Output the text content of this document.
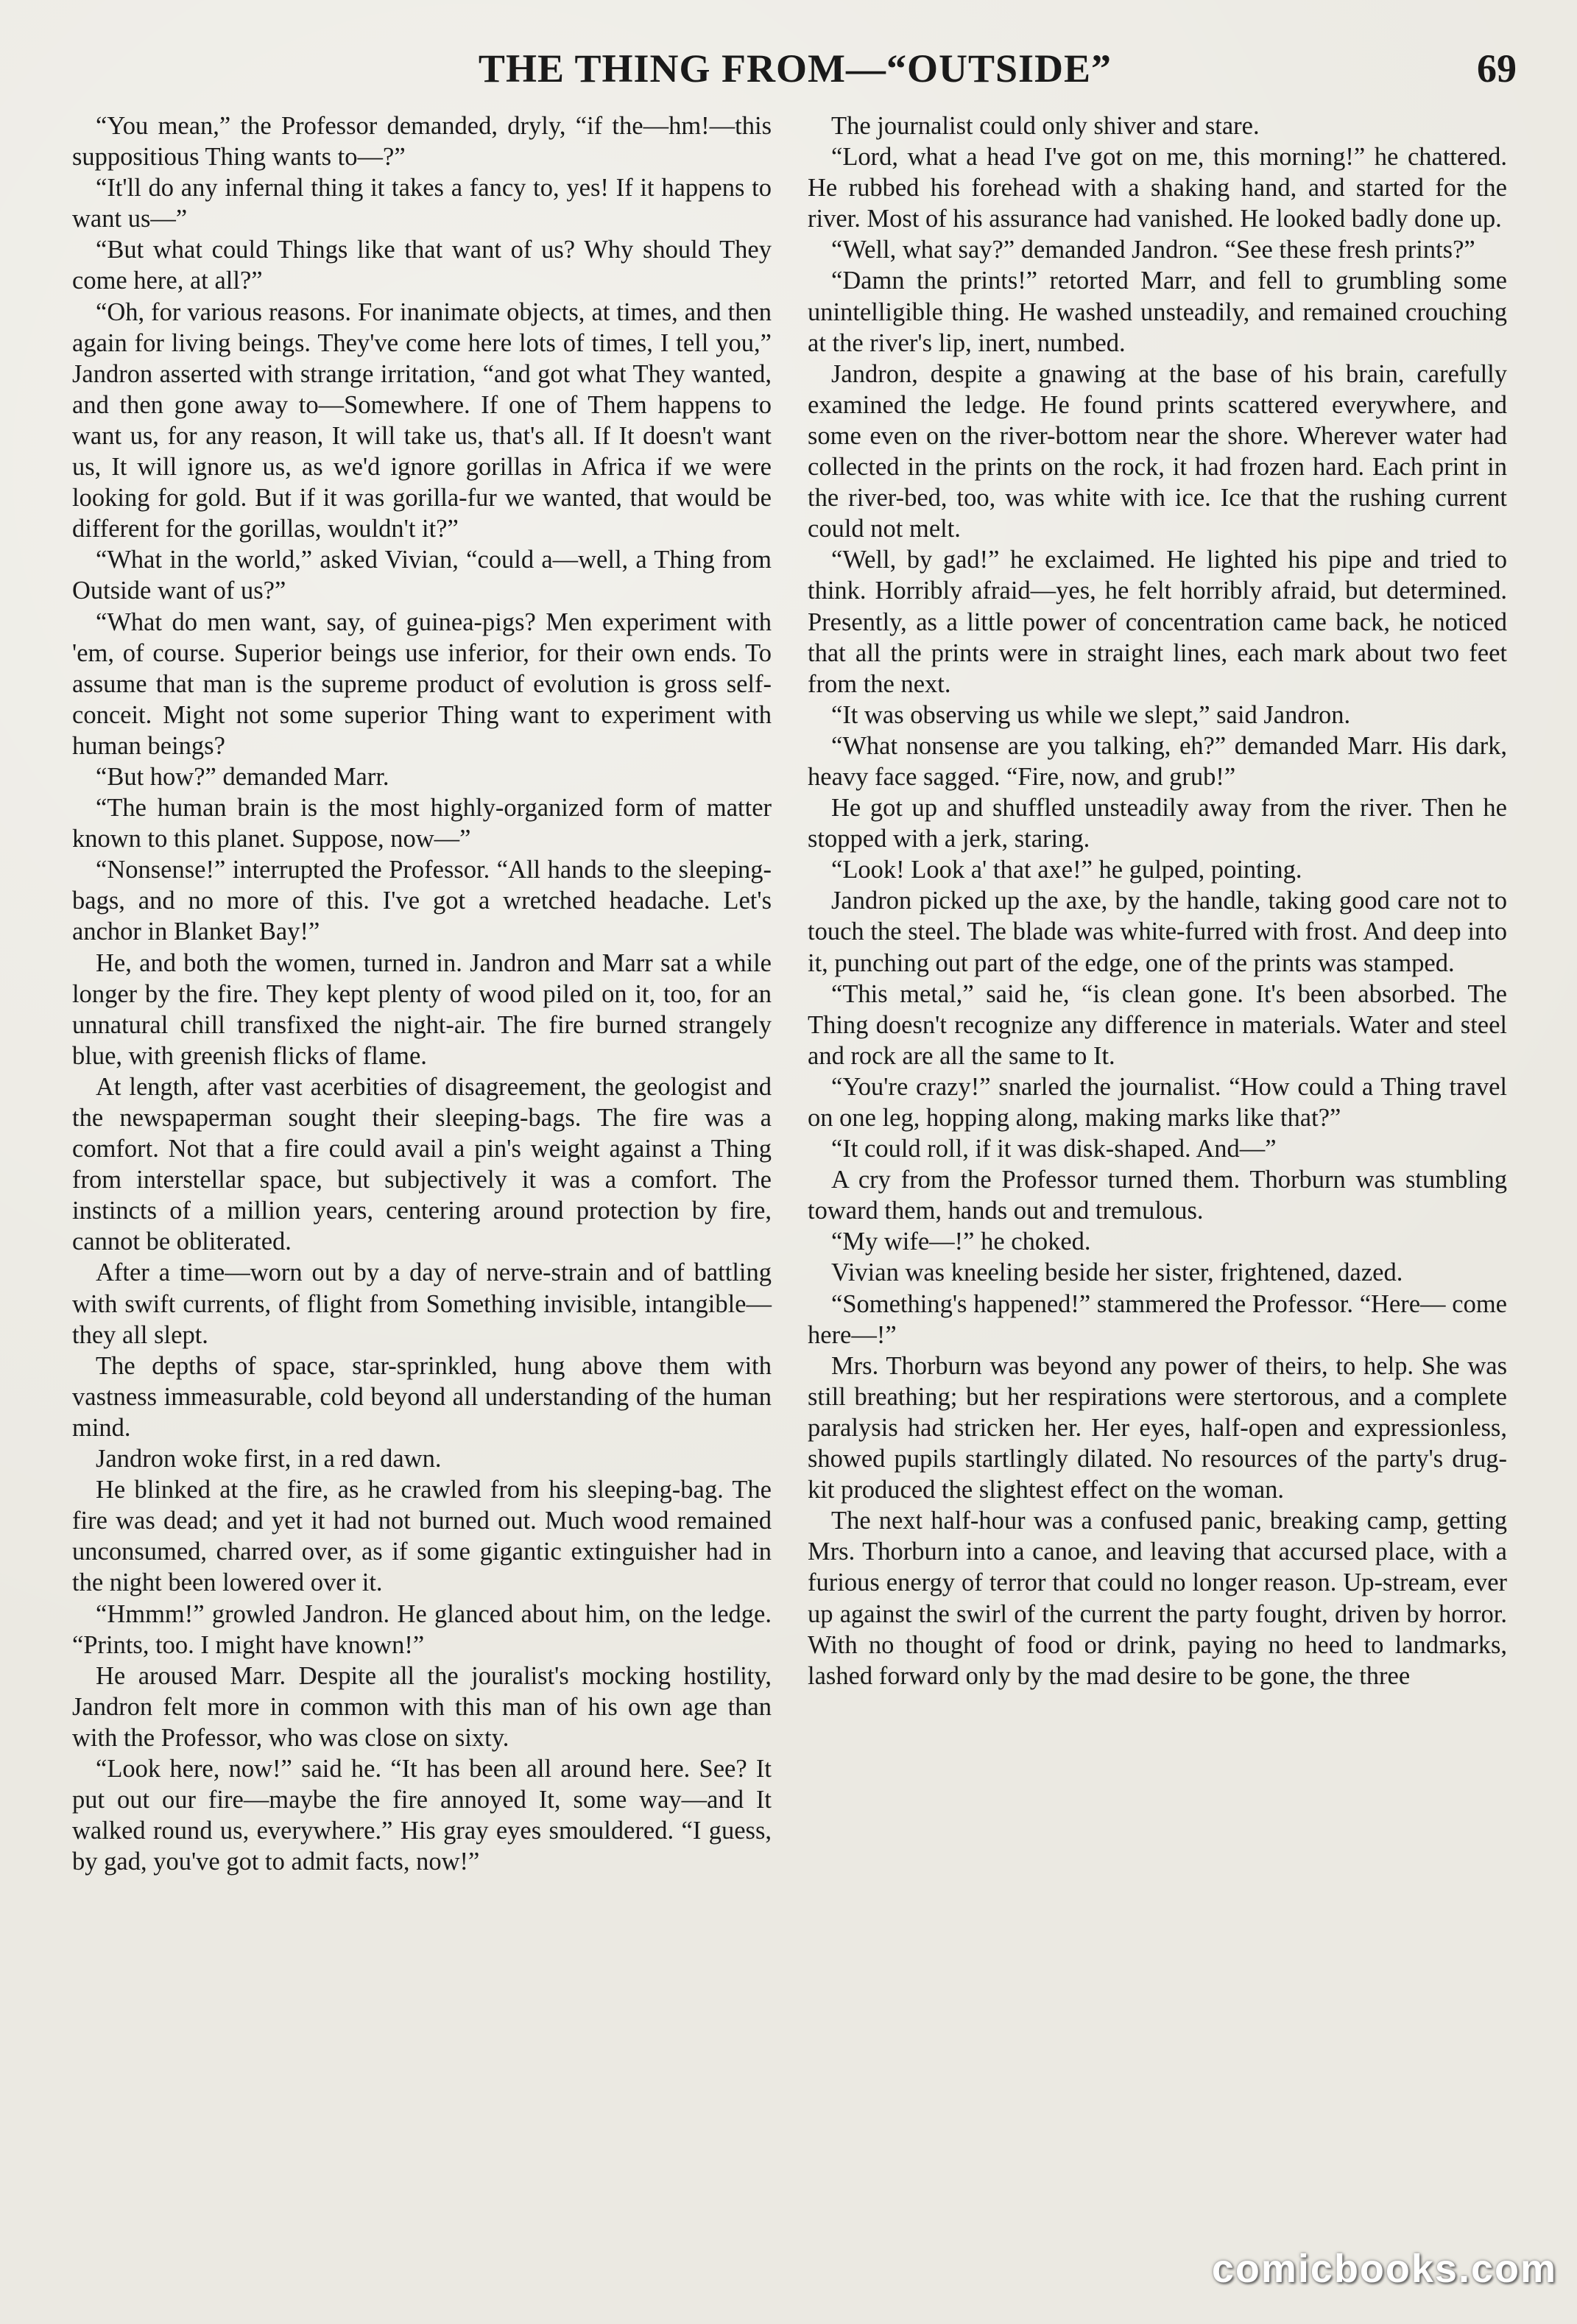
THE THING FROM—“OUTSIDE”	69

“You mean,” the Professor demanded, dryly, “if the—hm!—this suppositious Thing wants to—?”

“It'll do any infernal thing it takes a fancy to, yes! If it happens to want us—”

“But what could Things like that want of us? Why should They come here, at all?”

“Oh, for various reasons. For inanimate objects, at times, and then again for living beings. They've come here lots of times, I tell you,” Jandron asserted with strange irritation, “and got what They wanted, and then gone away to—Somewhere. If one of Them happens to want us, for any reason, It will take us, that's all. If It doesn't want us, It will ignore us, as we'd ignore gorillas in Africa if we were looking for gold. But if it was gorilla-fur we wanted, that would be different for the gorillas, wouldn't it?”

“What in the world,” asked Vivian, “could a—well, a Thing from Outside want of us?”

“What do men want, say, of guinea-pigs? Men experiment with 'em, of course. Superior beings use inferior, for their own ends. To assume that man is the supreme product of evolution is gross self-conceit. Might not some superior Thing want to experiment with human beings?

“But how?” demanded Marr.

“The human brain is the most highly-organized form of matter known to this planet. Suppose, now—”

“Nonsense!” interrupted the Professor. “All hands to the sleeping-bags, and no more of this. I've got a wretched headache. Let's anchor in Blanket Bay!”

He, and both the women, turned in. Jandron and Marr sat a while longer by the fire. They kept plenty of wood piled on it, too, for an unnatural chill transfixed the night-air. The fire burned strangely blue, with greenish flicks of flame.

At length, after vast acerbities of disagreement, the geologist and the newspaperman sought their sleeping-bags. The fire was a comfort. Not that a fire could avail a pin's weight against a Thing from interstellar space, but subjectively it was a comfort. The instincts of a million years, centering around protection by fire, cannot be obliterated.

After a time—worn out by a day of nerve-strain and of battling with swift currents, of flight from Something invisible, intangible—they all slept.

The depths of space, star-sprinkled, hung above them with vastness immeasurable, cold beyond all understanding of the human mind.

Jandron woke first, in a red dawn.

He blinked at the fire, as he crawled from his sleeping-bag. The fire was dead; and yet it had not burned out. Much wood remained unconsumed, charred over, as if some gigantic extinguisher had in the night been lowered over it.

“Hmmm!” growled Jandron. He glanced about him, on the ledge. “Prints, too. I might have known!”

He aroused Marr. Despite all the jouralist's mocking hostility, Jandron felt more in common with this man of his own age than with the Professor, who was close on sixty.

“Look here, now!” said he. “It has been all around here. See? It put out our fire—maybe the fire annoyed It, some way—and It walked round us, everywhere.” His gray eyes smouldered. “I guess, by gad, you've got to admit facts, now!”

The journalist could only shiver and stare.

“Lord, what a head I've got on me, this morning!” he chattered. He rubbed his forehead with a shaking hand, and started for the river. Most of his assurance had vanished. He looked badly done up.

“Well, what say?” demanded Jandron. “See these fresh prints?”

“Damn the prints!” retorted Marr, and fell to grumbling some unintelligible thing. He washed unsteadily, and remained crouching at the river's lip, inert, numbed.

Jandron, despite a gnawing at the base of his brain, carefully examined the ledge. He found prints scattered everywhere, and some even on the river-bottom near the shore. Wherever water had collected in the prints on the rock, it had frozen hard. Each print in the river-bed, too, was white with ice. Ice that the rushing current could not melt.

“Well, by gad!” he exclaimed. He lighted his pipe and tried to think. Horribly afraid—yes, he felt horribly afraid, but determined. Presently, as a little power of concentration came back, he noticed that all the prints were in straight lines, each mark about two feet from the next.

“It was observing us while we slept,” said Jandron.

“What nonsense are you talking, eh?” demanded Marr. His dark, heavy face sagged. “Fire, now, and grub!”

He got up and shuffled unsteadily away from the river. Then he stopped with a jerk, staring.

“Look! Look a' that axe!” he gulped, pointing.

Jandron picked up the axe, by the handle, taking good care not to touch the steel. The blade was white-furred with frost. And deep into it, punching out part of the edge, one of the prints was stamped.

“This metal,” said he, “is clean gone. It's been absorbed. The Thing doesn't recognize any difference in materials. Water and steel and rock are all the same to It.

“You're crazy!” snarled the journalist. “How could a Thing travel on one leg, hopping along, making marks like that?”

“It could roll, if it was disk-shaped. And—”

A cry from the Professor turned them. Thorburn was stumbling toward them, hands out and tremulous.

“My wife—!” he choked.

Vivian was kneeling beside her sister, frightened, dazed.

“Something's happened!” stammered the Professor. “Here— come here—!”

Mrs. Thorburn was beyond any power of theirs, to help. She was still breathing; but her respirations were stertorous, and a complete paralysis had stricken her. Her eyes, half-open and expressionless, showed pupils startlingly dilated. No resources of the party's drug-kit produced the slightest effect on the woman.

The next half-hour was a confused panic, breaking camp, getting Mrs. Thorburn into a canoe, and leaving that accursed place, with a furious energy of terror that could no longer reason. Up-stream, ever up against the swirl of the current the party fought, driven by horror. With no thought of food or drink, paying no heed to landmarks, lashed forward only by the mad desire to be gone, the three

comicbooks.com
